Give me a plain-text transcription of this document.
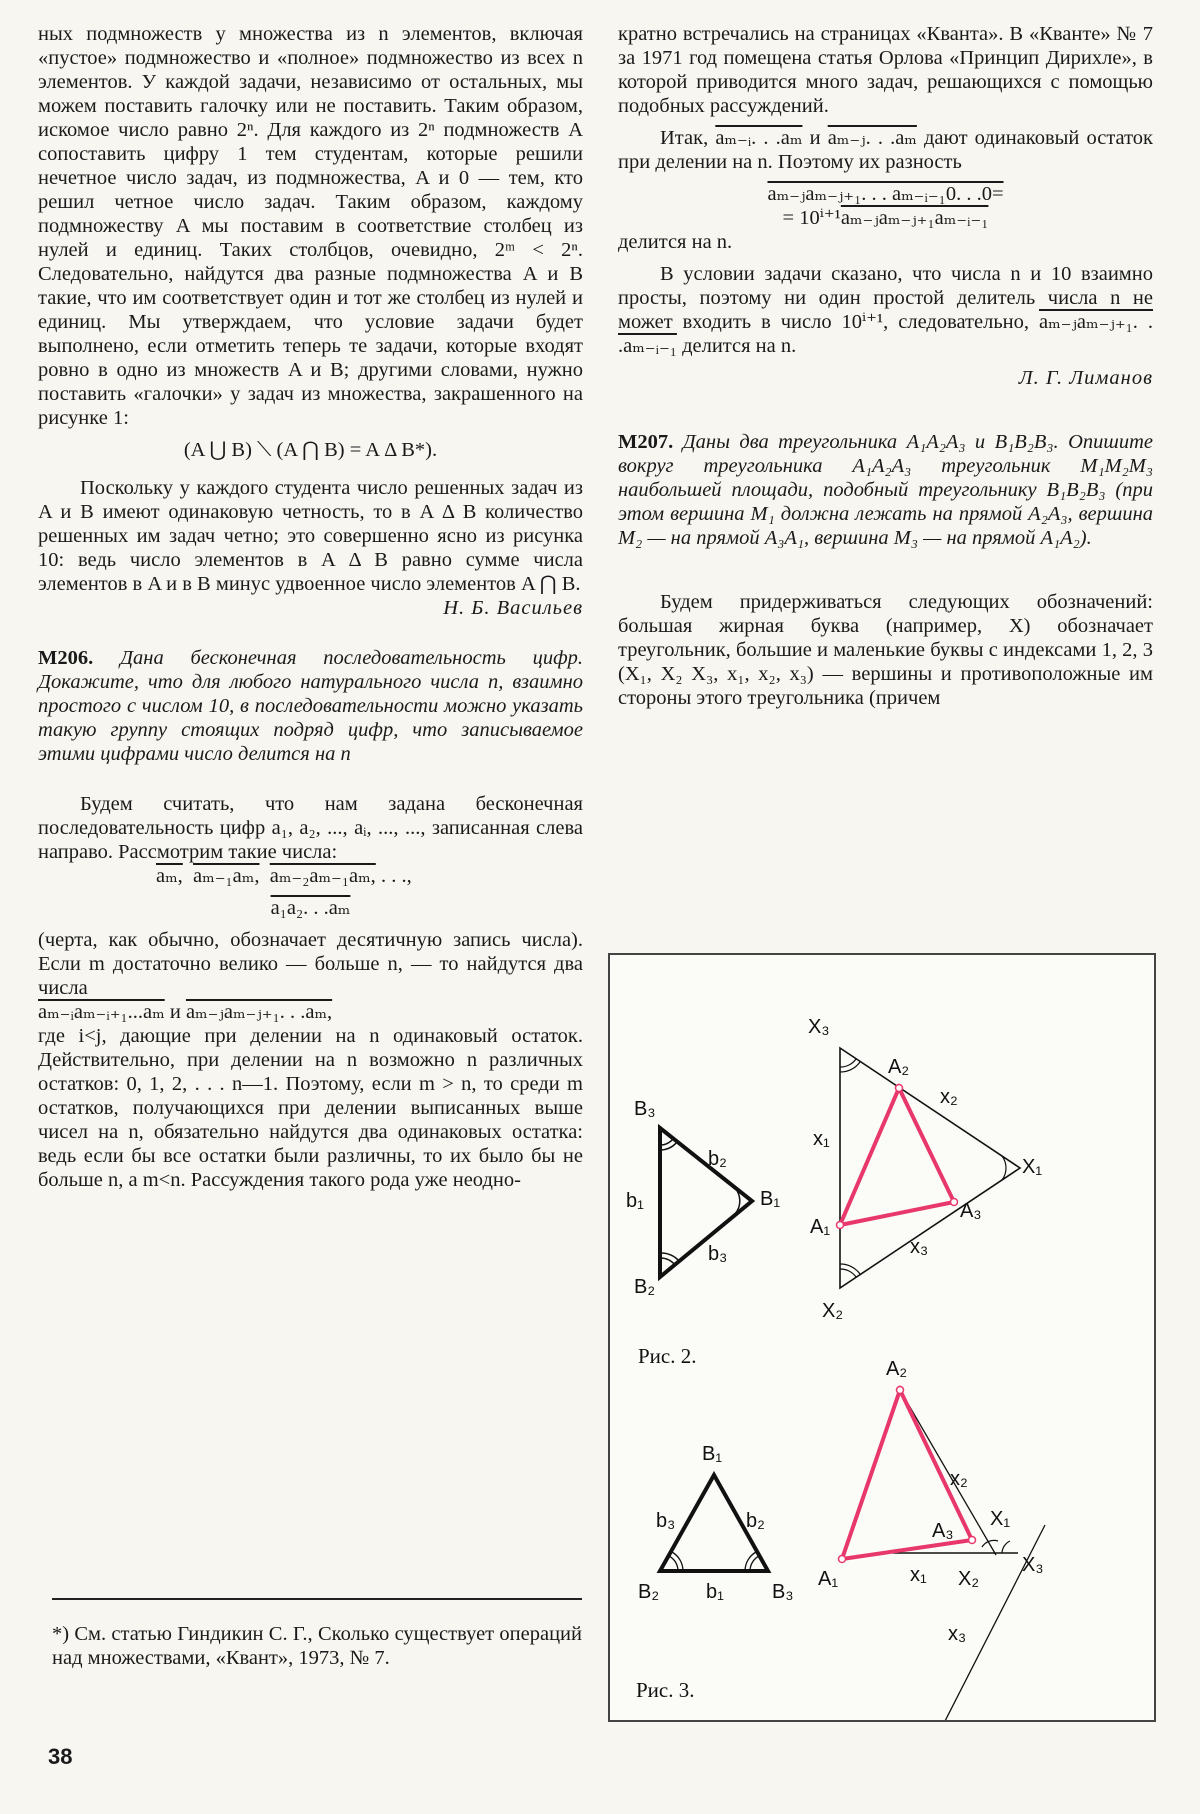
ных подмножеств у множества из n элементов, включая «пустое» подмножество и «полное» подмножество из всех n элементов. У каждой задачи, независимо от остальных, мы можем поставить галочку или не поставить. Таким образом, искомое число равно 2ⁿ. Для каждого из 2ⁿ подмножеств A сопоставить цифру 1 тем студентам, которые решили нечетное число задач, из подмножества, A и 0 — тем, кто решил четное число задач. Таким образом, каждому подмножеству A мы поставим в соответствие столбец из нулей и единиц. Таких столбцов, очевидно, 2ᵐ < 2ⁿ. Следовательно, найдутся два разные подмножества A и B такие, что им соответствует один и тот же столбец из нулей и единиц. Мы утверждаем, что условие задачи будет выполнено, если отметить теперь те задачи, которые входят ровно в одно из множеств A и B; другими словами, нужно поставить «галочки» у задач из множества, закрашенного на рисунке 1:

(A ⋃ B) ⟍ (A ⋂ B) = A Δ B*).

Поскольку у каждого студента число решенных задач из A и B имеют одинаковую четность, то в A Δ B количество решенных им задач четно; это совершенно ясно из рисунка 10: ведь число элементов в A Δ B равно сумме числа элементов в A и в B минус удвоенное число элементов A ⋂ B.

Н. Б. Васильев

М206. Дана бесконечная последовательность цифр. Докажите, что для любого натурального числа n, взаимно простого с числом 10, в последовательности можно указать такую группу стоящих подряд цифр, что записываемое этими цифрами число делится на n

Будем считать, что нам задана бесконечная последовательность цифр a₁, a₂, ..., aᵢ, ..., ..., записанная слева направо. Рассмотрим такие числа:

aₘ, aₘ₋₁aₘ, aₘ₋₂aₘ₋₁aₘ, . . .,

a₁a₂. . .aₘ

(черта, как обычно, обозначает десятичную запись числа). Если m достаточно велико — больше n, — то найдутся два числа

aₘ₋ᵢaₘ₋ᵢ₊₁...aₘ и aₘ₋ⱼaₘ₋ⱼ₊₁. . .aₘ,

где i<j, дающие при делении на n одинаковый остаток. Действительно, при делении на n возможно n различных остатков: 0, 1, 2, . . . n—1. Поэтому, если m > n, то среди m остатков, получающихся при делении выписанных выше чисел на n, обязательно найдутся два одинаковых остатка: ведь если бы все остатки были различны, то их было бы не больше n, а m<n. Рассуждения такого рода уже неодно-

*) См. статью Гиндикин С. Г., Сколько существует операций над множествами, «Квант», 1973, № 7.
38

кратно встречались на страницах «Кванта». В «Кванте» № 7 за 1971 год помещена статья Орлова «Принцип Дирихле», в которой приводится много задач, решающихся с помощью подобных рассуждений.

Итак, aₘ₋ᵢ. . .aₘ и aₘ₋ⱼ. . .aₘ дают одинаковый остаток при делении на n. Поэтому их разность

aₘ₋ⱼaₘ₋ⱼ₊₁. . . aₘ₋ᵢ₋₁0. . .0=

= 10ⁱ⁺¹aₘ₋ⱼaₘ₋ⱼ₊₁aₘ₋ᵢ₋₁

делится на n.

В условии задачи сказано, что числа n и 10 взаимно просты, поэтому ни один простой делитель числа n не может входить в число 10ⁱ⁺¹, следовательно, aₘ₋ⱼaₘ₋ⱼ₊₁. . .aₘ₋ᵢ₋₁ делится на n.

Л. Г. Лиманов

М207. Даны два треугольника A₁A₂A₃ и B₁B₂B₃. Опишите вокруг треугольника A₁A₂A₃ треугольник M₁M₂M₃ наибольшей площади, подобный треугольнику B₁B₂B₃ (при этом вершина M₁ должна лежать на прямой A₂A₃, вершина M₂ — на прямой A₃A₁, вершина M₃ — на прямой A₁A₂).

Будем придерживаться следующих обозначений: большая жирная буква (например, X) обозначает треугольник, большие и маленькие буквы с индексами 1, 2, 3 (X₁, X₂ X₃, x₁, x₂, x₃) — вершины и противоположные им стороны этого треугольника (причем

B₃
B₁
B₂
b₂
b₁
b₃
X₃
X₁
X₂
x₁
x₂
x₃
A₂
A₃
A₁
Рис. 2.
B₁
B₂	B₃
b₃	b₂
b₁
A₂
A₃
A₁
X₁
X₂
X₃
x₁
x₂
x₃
Рис. 3.
